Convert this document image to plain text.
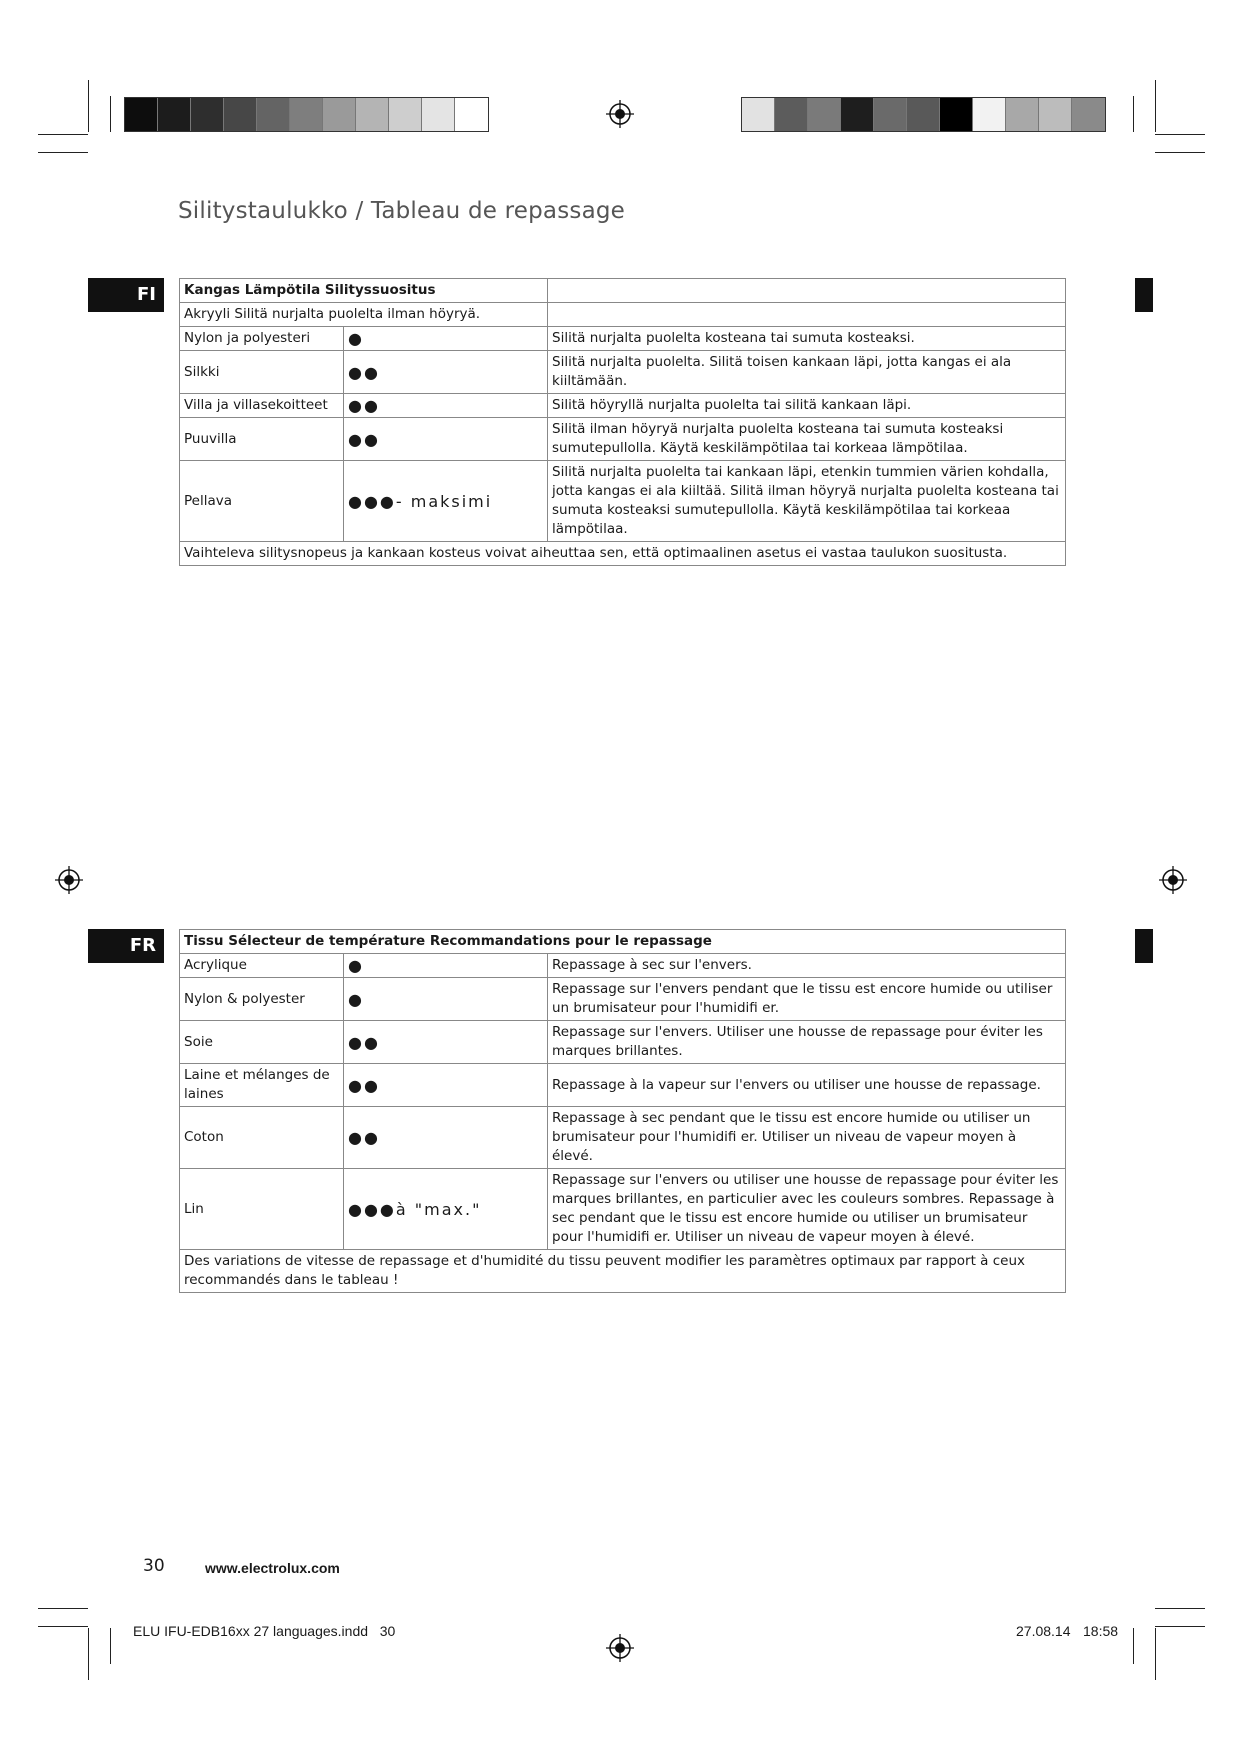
Silitystaulukko / Tableau de repassage
FI	Kangas Lämpötila Silityssuositus		
Akryyli Silitä nurjalta puolelta ilman höyryä.		
Nylon ja polyesteri	●	Silitä nurjalta puolelta kosteana tai sumuta kosteaksi.
Silkki	●●	Silitä nurjalta puolelta. Silitä toisen kankaan läpi, jotta kangas ei ala kiiltämään.
Villa ja villasekoitteet	●●	Silitä höyryllä nurjalta puolelta tai silitä kankaan läpi.
Puuvilla	●●	Silitä ilman höyryä nurjalta puolelta kosteana tai sumuta kosteaksi sumutepullolla. Käytä keskilämpötilaa tai korkeaa lämpötilaa.
Pellava	●●●- maksimi	Silitä nurjalta puolelta tai kankaan läpi, etenkin tummien värien kohdalla, jotta kangas ei ala kiiltää. Silitä ilman höyryä nurjalta puolelta kosteana tai sumuta kosteaksi sumutepullolla. Käytä keskilämpötilaa tai korkeaa lämpötilaa.
Vaihteleva silitysnopeus ja kankaan kosteus voivat aiheuttaa sen, että optimaalinen asetus ei vastaa taulukon suositusta.		
FR	Tissu Sélecteur de température Recommandations pour le repassage		
Acrylique	●	Repassage à sec sur l'envers.
Nylon & polyester	●	Repassage sur l'envers pendant que le tissu est encore humide ou utiliser un brumisateur pour l'humidifi er.
Soie	●●	Repassage sur l'envers. Utiliser une housse de repassage pour éviter les marques brillantes.
Laine et mélanges de laines	●●	Repassage à la vapeur sur l'envers ou utiliser une housse de repassage.
Coton	●●	Repassage à sec pendant que le tissu est encore humide ou utiliser un brumisateur pour l'humidifi er. Utiliser un niveau de vapeur moyen à élevé.
Lin	●●●à "max."	Repassage sur l'envers ou utiliser une housse de repassage pour éviter les marques brillantes, en particulier avec les couleurs sombres. Repassage à sec pendant que le tissu est encore humide ou utiliser un brumisateur pour l'humidifi er. Utiliser un niveau de vapeur moyen à élevé.
Des variations de vitesse de repassage et d'humidité du tissu peuvent modifier les paramètres optimaux par rapport à ceux recommandés dans le tableau !		
30	www.electrolux.com
ELU IFU-EDB16xx 27 languages.indd   30	27.08.14 18:58
